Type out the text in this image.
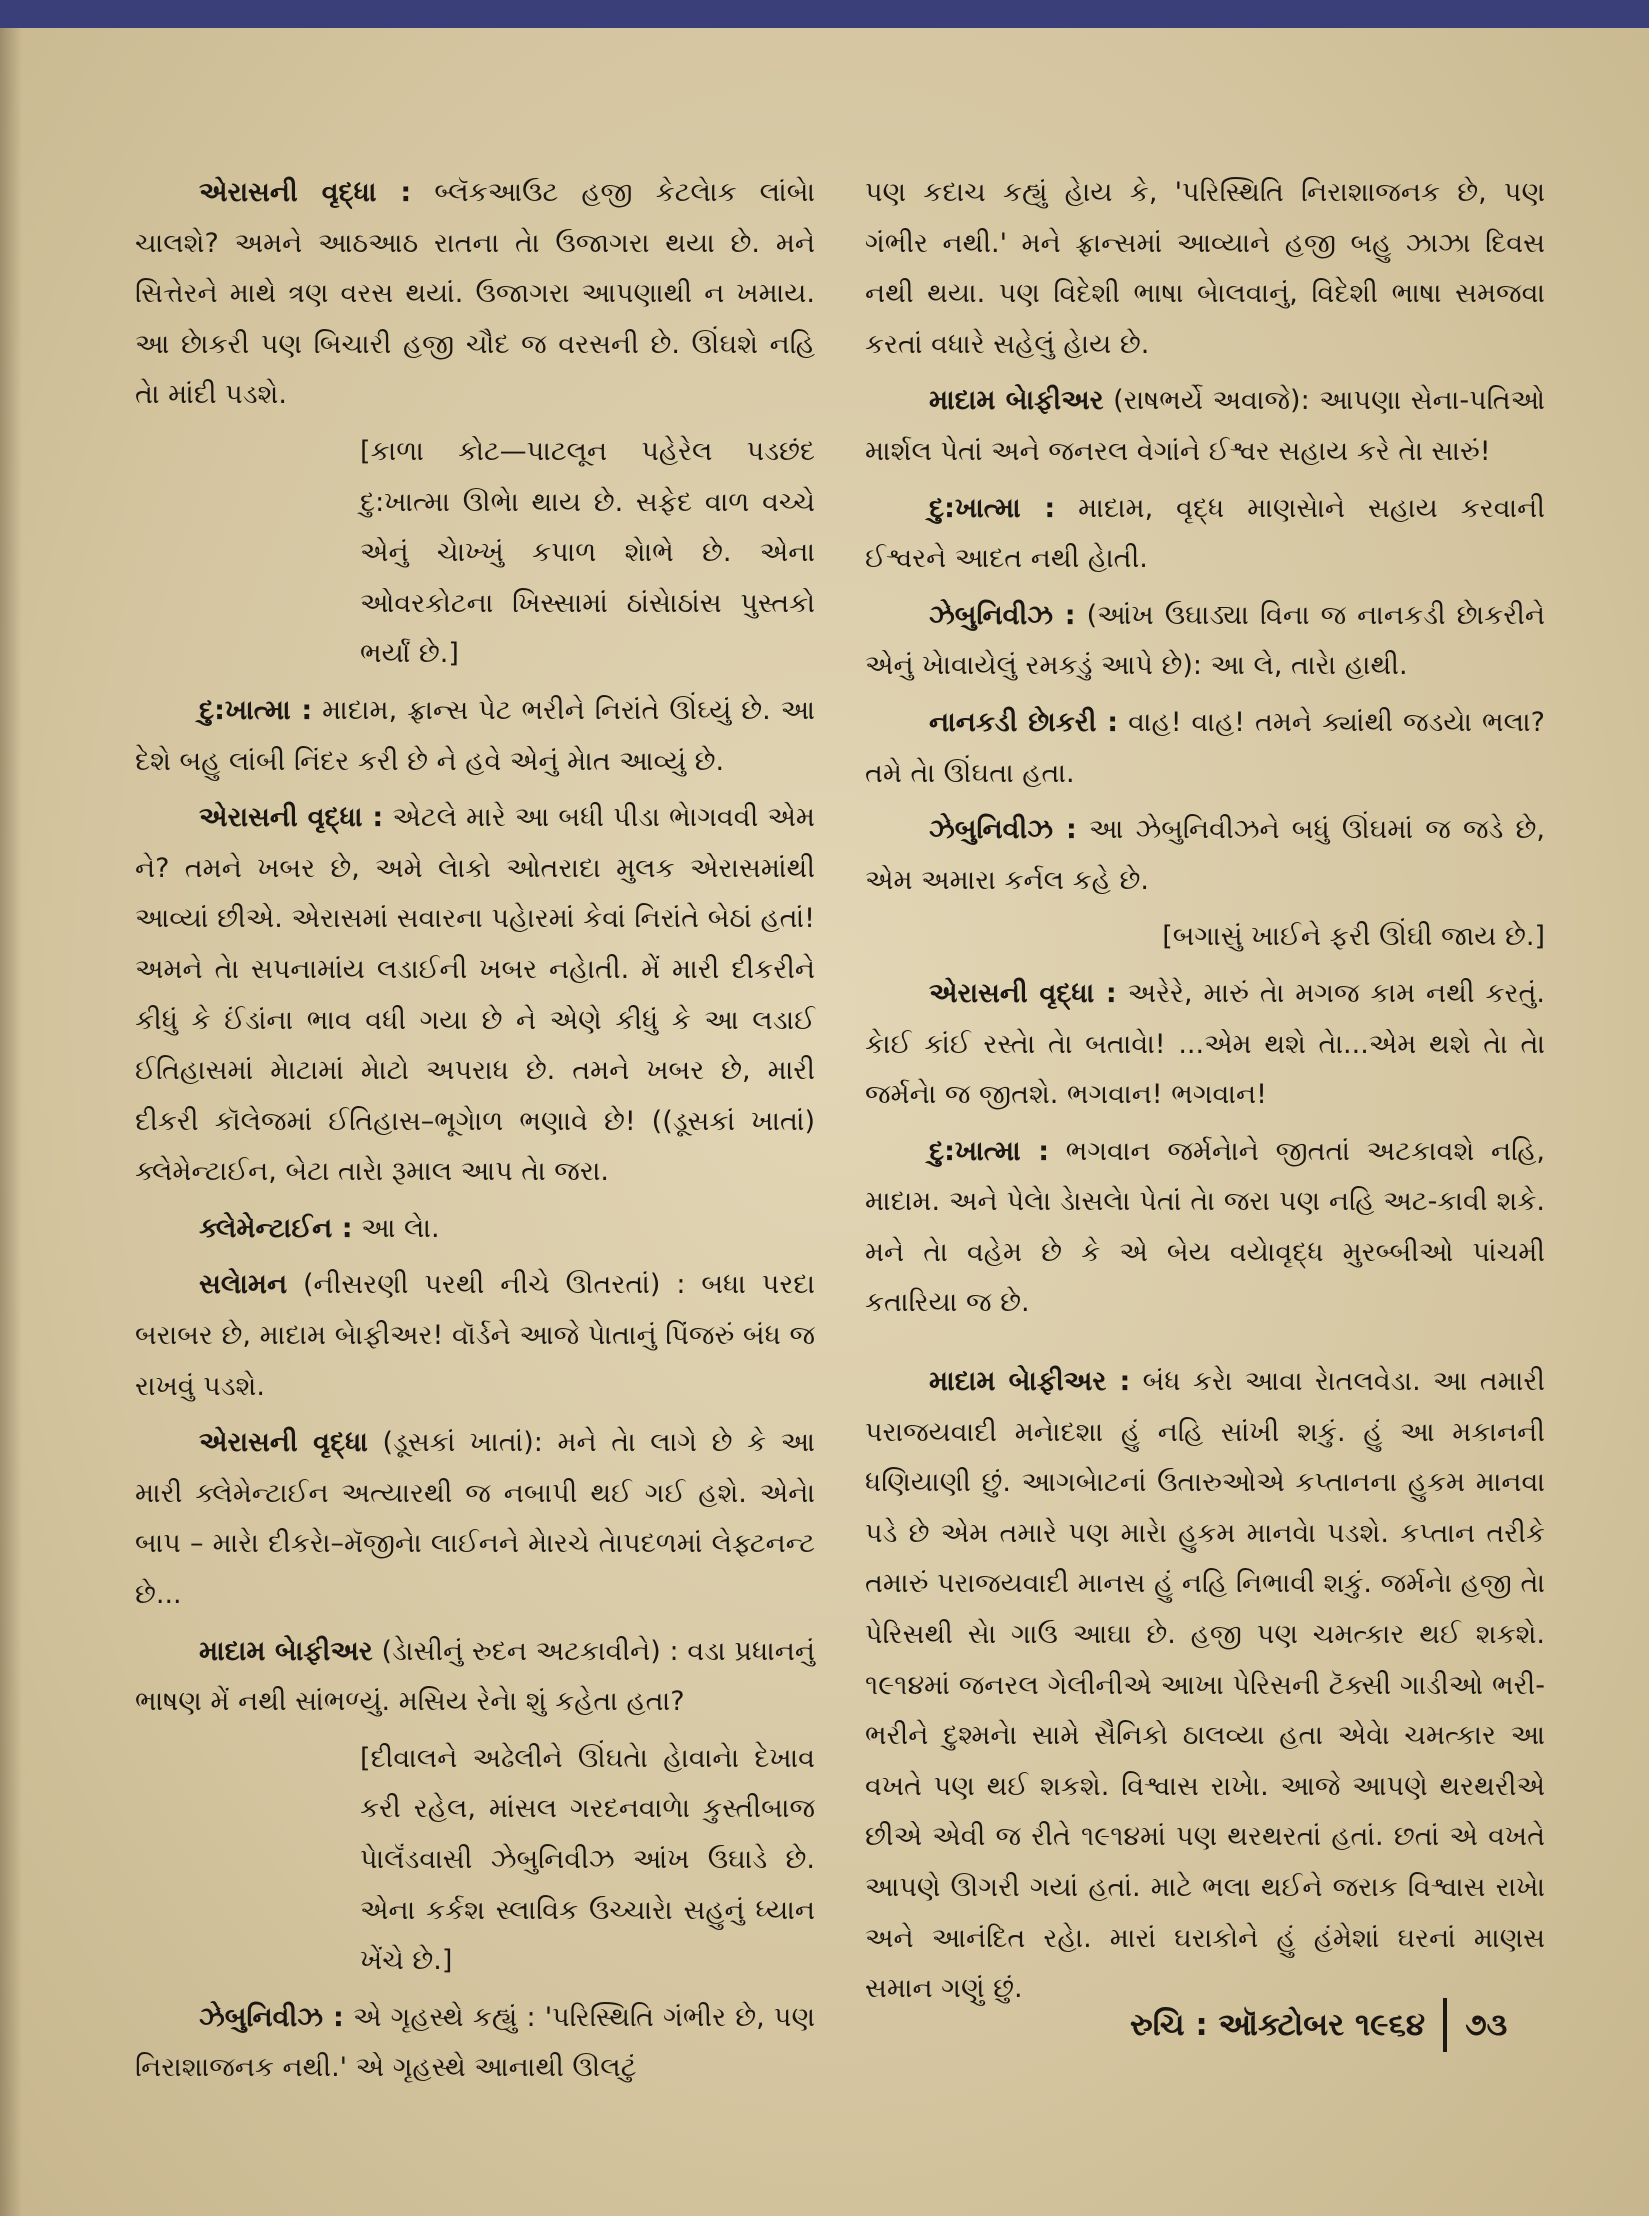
એરાસની વૃદ્ધા : બ્લૅકઆઉટ હજી કેટલેાક લાંબેા ચાલશે? અમને આઠઆઠ રાતના તેા ઉજાગરા થયા છે. મને સિત્તેરને માથે ત્રણ વરસ થયાં. ઉજાગરા આપણાથી ન ખમાય. આ છેાકરી પણ બિચારી હજી ચૌદ જ વરસની છે. ઊંઘશે નહિ તેા માંદી પડશે.

[કાળા કોટ—પાટલૂન પહેરેલ પડછંદ દુ:ખાત્મા ઊભેા થાય છે. સફેદ વાળ વચ્ચે એનું ચેાખ્ખું કપાળ શેાભે છે. એના ઓવરકોટના ખિસ્સામાં ઠાંસેાઠાંસ પુસ્તકો ભર્યાં છે.]

દુ:ખાત્મા : માદામ, ફ્રાન્સ પેટ ભરીને નિરાંતે ઊંઘ્યું છે. આ દેશે બહુ લાંબી નિંદર કરી છે ને હવે એનું મેાત આવ્યું છે.

એરાસની વૃદ્ધા : એટલે મારે આ બધી પીડા ભેાગવવી એમ ને? તમને ખબર છે, અમે લેાકો ઓતરાદા મુલક એરાસમાંથી આવ્યાં છીએ. એરાસમાં સવારના પહેારમાં કેવાં નિરાંતે બેઠાં હતાં! અમને તેા સપનામાંય લડાઈની ખબર નહેાતી. મેં મારી દીકરીને કીધું કે ઈંડાંના ભાવ વધી ગયા છે ને એણે કીધું કે આ લડાઈ ઈતિહાસમાં મેાટામાં મેાટો અપરાધ છે. તમને ખબર છે, મારી દીકરી કૉલેજમાં ઈતિહાસ–ભૂગેાળ ભણાવે છે! ((ડૂસકાં ખાતાં) ક્લેમેન્ટાઈન, બેટા તારેા રૂમાલ આપ તેા જરા.

ક્લેમેન્ટાઈન : આ લેા.

સલેામન (નીસરણી પરથી નીચે ઊતરતાં) : બધા પરદા બરાબર છે, માદામ બેાફીઅર! વૉર્ડને આજે પેાતાનું પિંજરું બંધ જ રાખવું પડશે.

એરાસની વૃદ્ધા (ડૂસકાં ખાતાં): મને તેા લાગે છે કે આ મારી ક્લેમેન્ટાઈન અત્યારથી જ નબાપી થઈ ગઈ હશે. એનેા બાપ – મારેા દીકરેા–મૅજીનેા લાઈનને મેારચે તેાપદળમાં લેફ્ટનન્ટ છે...

માદામ બેાફીઅર (ડેાસીનું રુદન અટકાવીને) : વડા પ્રધાનનું ભાષણ મેં નથી સાંભળ્યું. મસિય રેનેા શું કહેતા હતા?

[દીવાલને અઢેલીને ઊંઘતેા હેાવાનેા દેખાવ કરી રહેલ, માંસલ ગરદનવાળેા કુસ્તીબાજ પેાલૅંડવાસી ઝેબુનિવીઝ આંખ ઉઘાડે છે. એના કર્કશ સ્લાવિક ઉચ્ચારેા સહુનું ધ્યાન ખેંચે છે.]

ઝેબુનિવીઝ : એ ગૃહસ્થે કહ્યું : 'પરિસ્થિતિ ગંભીર છે, પણ નિરાશાજનક નથી.' એ ગૃહસ્થે આનાથી ઊલટું

પણ કદાચ કહ્યું હેાય કે, 'પરિસ્થિતિ નિરાશાજનક છે, પણ ગંભીર નથી.' મને ફ્રાન્સમાં આવ્યાને હજી બહુ ઝાઝા દિવસ નથી થયા. પણ વિદેશી ભાષા બેાલવાનું, વિદેશી ભાષા સમજવા કરતાં વધારે સહેલું હેાય છે.

માદામ બેાફીઅર (રાષભર્યે અવાજે): આપણા સેના-પતિઓ માર્શલ પેતાં અને જનરલ વેગાંને ઈશ્વર સહાય કરે તેા સારું!

દુ:ખાત્મા : માદામ, વૃદ્ધ માણસેાને સહાય કરવાની ઈશ્વરને આદત નથી હેાતી.

ઝેબુનિવીઝ : (આંખ ઉઘાડ્યા વિના જ નાનકડી છેાકરીને એનું ખેાવાયેલું રમકડું આપે છે): આ લે, તારેા હાથી.

નાનકડી છેાકરી : વાહ! વાહ! તમને ક્યાંથી જડયેા ભલા? તમે તેા ઊંઘતા હતા.

ઝેબુનિવીઝ : આ ઝેબુનિવીઝને બધું ઊંઘમાં જ જડે છે, એમ અમારા કર્નલ કહે છે.

[બગાસું ખાઈને ફરી ઊંઘી જાય છે.]

એરાસની વૃદ્ધા : અરેરે, મારું તેા મગજ કામ નથી કરતું. કેાઈ કાંઈ રસ્તેા તેા બતાવેા! ...એમ થશે તેા...એમ થશે તેા તેા જર્મનેા જ જીતશે. ભગવાન! ભગવાન!

દુ:ખાત્મા : ભગવાન જર્મનેાને જીતતાં અટકાવશે નહિ, માદામ. અને પેલેા ડેાસલેા પેતાં તેા જરા પણ નહિ અટ-કાવી શકે. મને તેા વહેમ છે કે એ બેય વયેાવૃદ્ધ મુરબ્બીઓ પાંચમી કતારિયા જ છે.

માદામ બેાફીઅર : બંધ કરેા આવા રેાતલવેડા. આ તમારી પરાજયવાદી મનેાદશા હું નહિ સાંખી શકું. હું આ મકાનની ધણિયાણી છું. આગબેાટનાં ઉતારુઓએ કપ્તાનના હુકમ માનવા પડે છે એમ તમારે પણ મારેા હુકમ માનવેા પડશે. કપ્તાન તરીકે તમારું પરાજયવાદી માનસ હું નહિ નિભાવી શકું. જર્મનેા હજી તેા પેરિસથી સેા ગાઉ આઘા છે. હજી પણ ચમત્કાર થઈ શકશે. ૧૯૧૪માં જનરલ ગેલીનીએ આખા પેરિસની ટૅક્સી ગાડીઓ ભરી-ભરીને દુશ્મનેા સામે સૈનિકો ઠાલવ્યા હતા એવેા ચમત્કાર આ વખતે પણ થઈ શકશે. વિશ્વાસ રાખેા. આજે આપણે થરથરીએ છીએ એવી જ રીતે ૧૯૧૪માં પણ થરથરતાં હતાં. છતાં એ વખતે આપણે ઊગરી ગયાં હતાં. માટે ભલા થઈને જરાક વિશ્વાસ રાખેા અને આનંદિત રહેા. મારાં ઘરાકોને હું હંમેશાં ઘરનાં માણસ સમાન ગણું છું.

રુચિ : ઑક્ટોબર ૧૯૬૪ ૭૩
